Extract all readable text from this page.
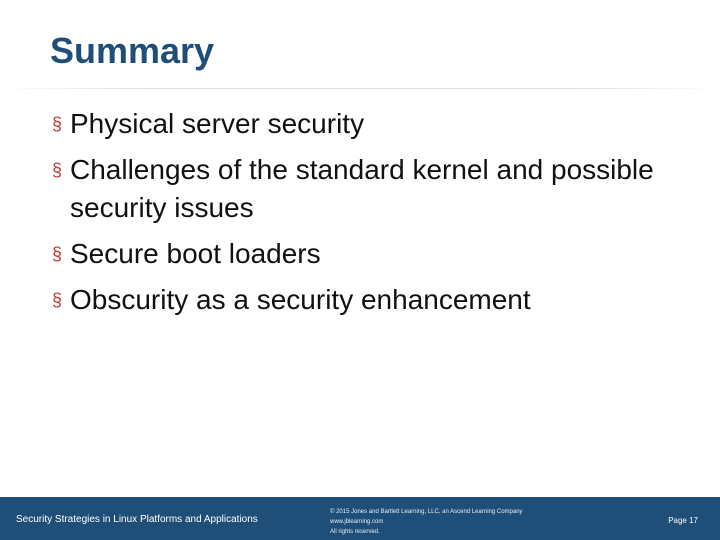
Summary
§ Physical server security
§ Challenges of the standard kernel and possible security issues
§ Secure boot loaders
§ Obscurity as a security enhancement
Security Strategies in Linux Platforms and Applications
© 2015 Jones and Bartlett Learning, LLC, an Ascend Learning Company
www.jblearning.com
All rights reserved.
Page 17
